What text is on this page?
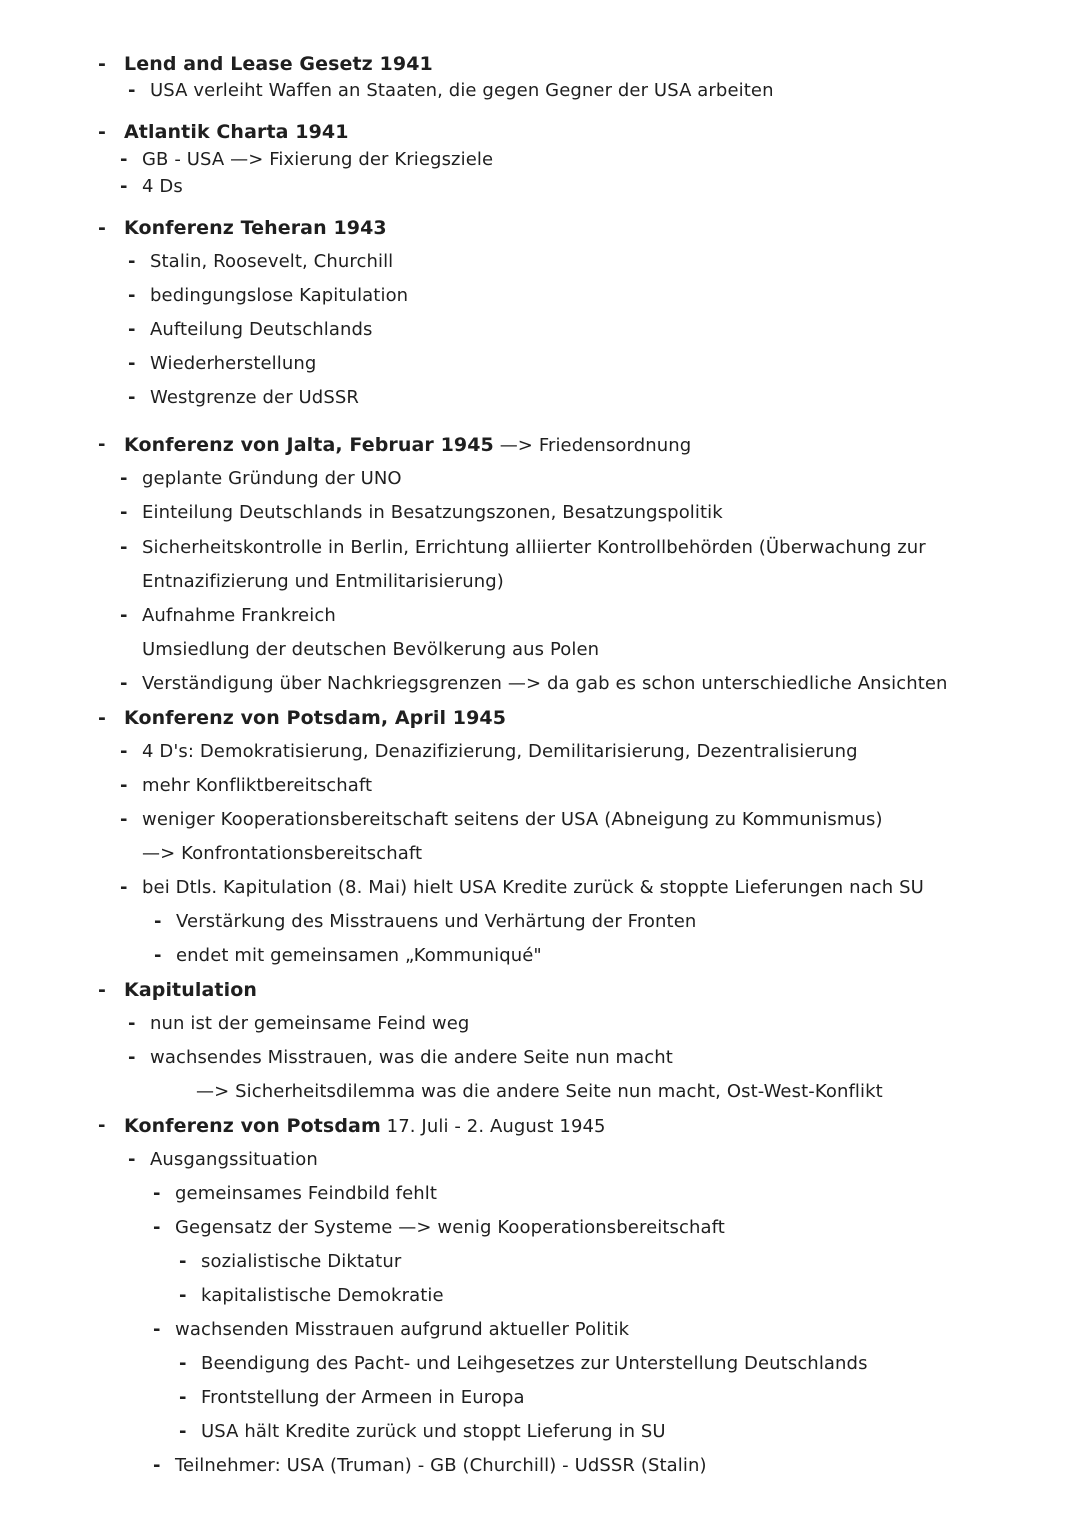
- Lend and Lease Gesetz 1941
- USA verleiht Waffen an Staaten, die gegen Gegner der USA arbeiten
- Atlantik Charta 1941
- GB - USA —> Fixierung der Kriegsziele
- 4 Ds
- Konferenz Teheran 1943
- Stalin, Roosevelt, Churchill
- bedingungslose Kapitulation
- Aufteilung Deutschlands
- Wiederherstellung
- Westgrenze der UdSSR
- Konferenz von Jalta, Februar 1945 —> Friedensordnung
- geplante Gründung der UNO
- Einteilung Deutschlands in Besatzungszonen, Besatzungspolitik
- Sicherheitskontrolle in Berlin, Errichtung alliierter Kontrollbehörden (Überwachung zur
Entnazifizierung und Entmilitarisierung)
- Aufnahme Frankreich
Umsiedlung der deutschen Bevölkerung aus Polen
- Verständigung über Nachkriegsgrenzen —> da gab es schon unterschiedliche Ansichten
- Konferenz von Potsdam, April 1945
- 4 D's: Demokratisierung, Denazifizierung, Demilitarisierung, Dezentralisierung
- mehr Konfliktbereitschaft
- weniger Kooperationsbereitschaft seitens der USA (Abneigung zu Kommunismus)
—> Konfrontationsbereitschaft
- bei Dtls. Kapitulation (8. Mai) hielt USA Kredite zurück & stoppte Lieferungen nach SU
- Verstärkung des Misstrauens und Verhärtung der Fronten
- endet mit gemeinsamen „Kommuniqué"
- Kapitulation
- nun ist der gemeinsame Feind weg
- wachsendes Misstrauen, was die andere Seite nun macht
—> Sicherheitsdilemma was die andere Seite nun macht, Ost-West-Konflikt
- Konferenz von Potsdam 17. Juli - 2. August 1945
- Ausgangssituation
- gemeinsames Feindbild fehlt
- Gegensatz der Systeme —> wenig Kooperationsbereitschaft
- sozialistische Diktatur
- kapitalistische Demokratie
- wachsenden Misstrauen aufgrund aktueller Politik
- Beendigung des Pacht- und Leihgesetzes zur Unterstellung Deutschlands
- Frontstellung der Armeen in Europa
- USA hält Kredite zurück und stoppt Lieferung in SU
- Teilnehmer: USA (Truman) - GB (Churchill) - UdSSR (Stalin)
